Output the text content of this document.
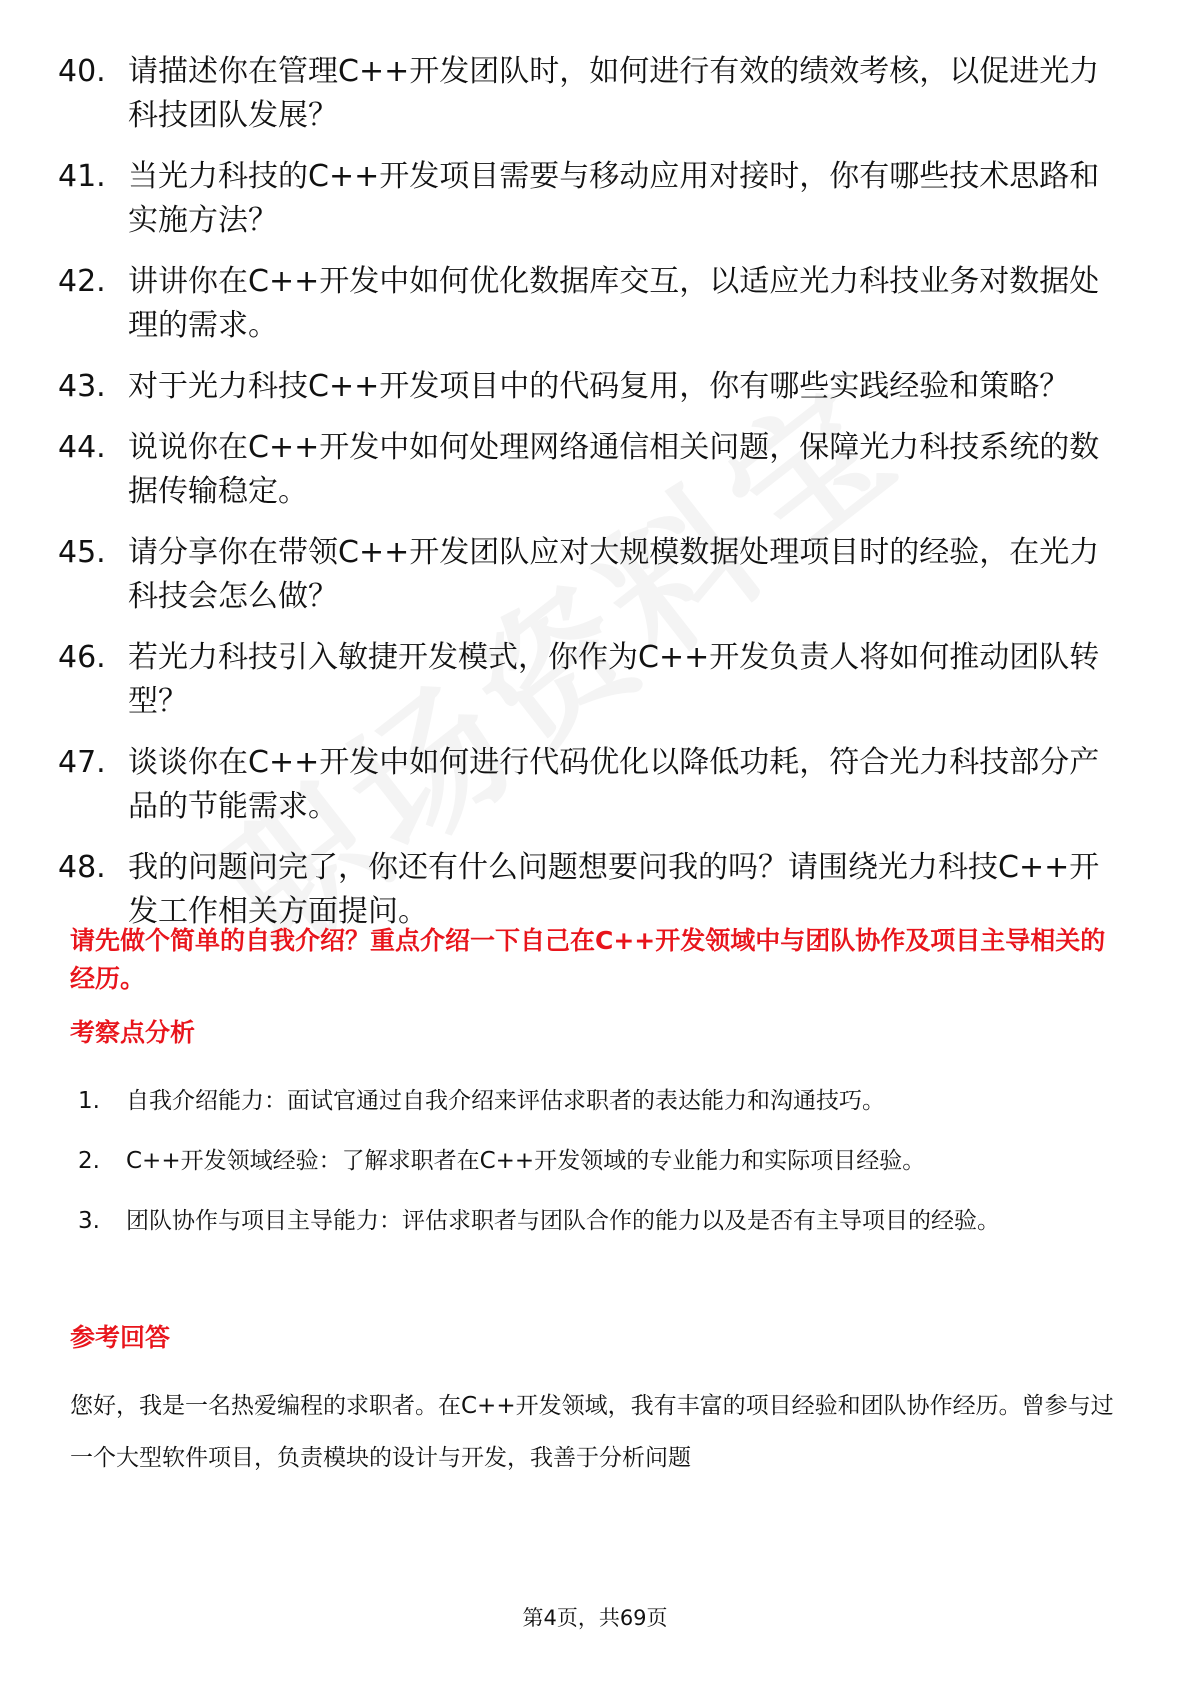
40. 请描述你在管理C++开发团队时，如何进行有效的绩效考核，以促进光力科技团队发展？
41. 当光力科技的C++开发项目需要与移动应用对接时，你有哪些技术思路和实施方法？
42. 讲讲你在C++开发中如何优化数据库交互，以适应光力科技业务对数据处理的需求。
43. 对于光力科技C++开发项目中的代码复用，你有哪些实践经验和策略？
44. 说说你在C++开发中如何处理网络通信相关问题，保障光力科技系统的数据传输稳定。
45. 请分享你在带领C++开发团队应对大规模数据处理项目时的经验，在光力科技会怎么做？
46. 若光力科技引入敏捷开发模式，你作为C++开发负责人将如何推动团队转型？
47. 谈谈你在C++开发中如何进行代码优化以降低功耗，符合光力科技部分产品的节能需求。
48. 我的问题问完了，你还有什么问题想要问我的吗？请围绕光力科技C++开发工作相关方面提问。
请先做个简单的自我介绍？重点介绍一下自己在C++开发领域中与团队协作及项目主导相关的经历。
考察点分析
1. 自我介绍能力：面试官通过自我介绍来评估求职者的表达能力和沟通技巧。
2. C++开发领域经验：了解求职者在C++开发领域的专业能力和实际项目经验。
3. 团队协作与项目主导能力：评估求职者与团队合作的能力以及是否有主导项目的经验。
参考回答
您好，我是一名热爱编程的求职者。在C++开发领域，我有丰富的项目经验和团队协作经历。曾参与过一个大型软件项目，负责模块的设计与开发，我善于分析问题
第4页，共69页
